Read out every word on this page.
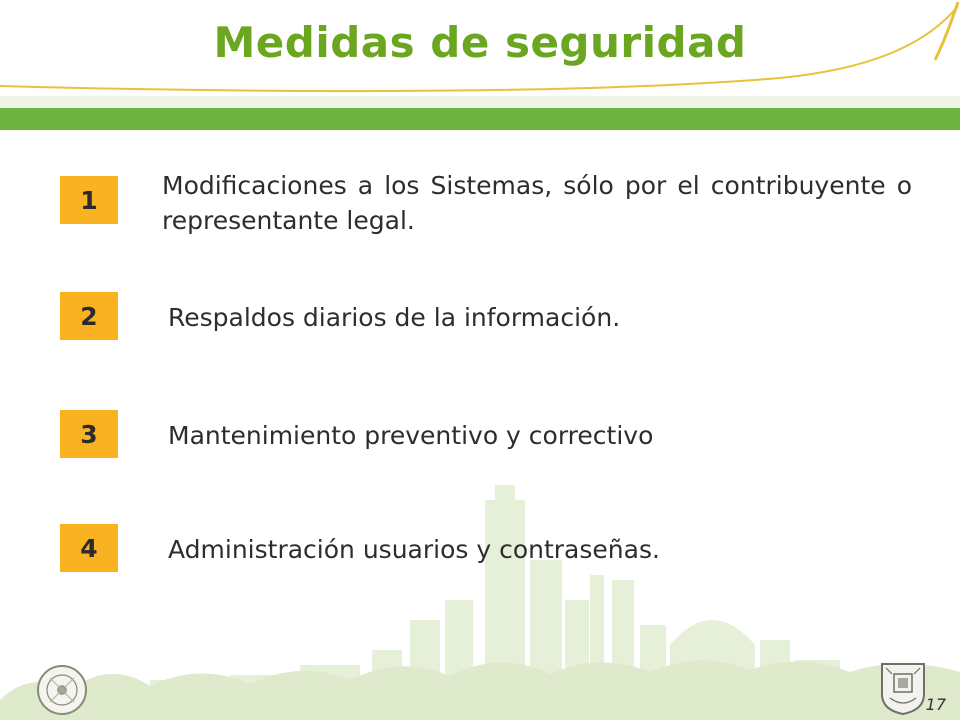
Medidas de seguridad
1	Modificaciones a los Sistemas, sólo por el contribuyente o representante legal.
2	Respaldos diarios de la información.
3	Mantenimiento preventivo y correctivo
4	Administración usuarios y contraseñas.
17
